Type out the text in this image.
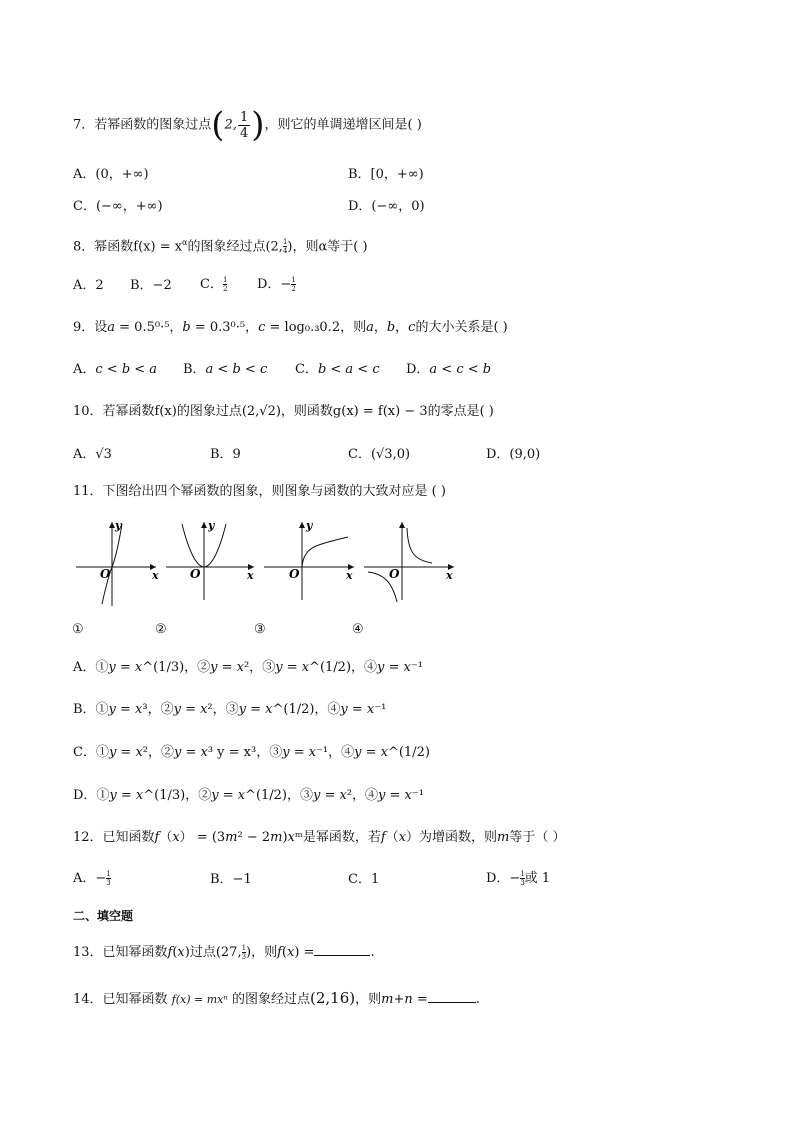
7．若幂函数的图象过点(2, $\frac{1}{4}$ )，则它的单调递增区间是( )
A．(0，+∞)	B．[0，+∞)
C．(−∞，+∞)	D．(−∞，0)
8．幂函数$f(x) = x^\alpha$的图象经过点(2, $\frac{1}{4}$ )，则α等于( )
A．2 B．−2 C． $\frac{1}{2}$ D．− $\frac{1}{2}$
9．设𝑎 = 0.5⁰·⁵，𝑏 = 0.3⁰·⁵，𝑐 = log₀.₃0.2，则𝑎，𝑏，𝑐的大小关系是( )
A．𝑐 < 𝑏 < 𝑎 B．𝑎 < 𝑏 < 𝑐 C．𝑏 < 𝑎 < 𝑐 D．𝑎 < 𝑐 < 𝑏
10．若幂函数f(x)的图象过点(2,√2)，则函数g(x) = f(x) − 3的零点是( )
A．√3	B．9	C．(√3,0)	D．(9,0)
11．下图给出四个幂函数的图象，则图象与函数的大致对应是 ( )
y
x
O
y
x
O
y
x
O	x
O
①	②	③	④
A．①𝑦 = 𝑥^(1/3)，②𝑦 = 𝑥²，③𝑦 = 𝑥^(1/2)，④𝑦 = 𝑥⁻¹
B．①𝑦 = 𝑥³，②𝑦 = 𝑥²，③𝑦 = 𝑥^(1/2)，④𝑦 = 𝑥⁻¹
C．①𝑦 = 𝑥²，②𝑦 = 𝑥³ y = x³，③𝑦 = 𝑥⁻¹，④𝑦 = 𝑥^(1/2)
D．①𝑦 = 𝑥^(1/3)，②𝑦 = 𝑥^(1/2)，③𝑦 = 𝑥²，④𝑦 = 𝑥⁻¹
12．已知函数𝑓（𝑥） = (3𝑚² − 2𝑚)𝑥ᵐ是幂函数，若𝑓（𝑥）为增函数，则𝑚等于（ ）
A．− $\frac{1}{3}$	B．−1	C．1	D．− $\frac{1}{3}$ 或 1
二、填空题
13．已知幂函数𝑓(𝑥)过点(27, $\frac{1}{3}$ )，则𝑓(𝑥) =	.
14．已知幂函数 𝑓(𝑥) = 𝑚𝑥ⁿ 的图象经过点(2,16)，则𝑚+𝑛 =	.
